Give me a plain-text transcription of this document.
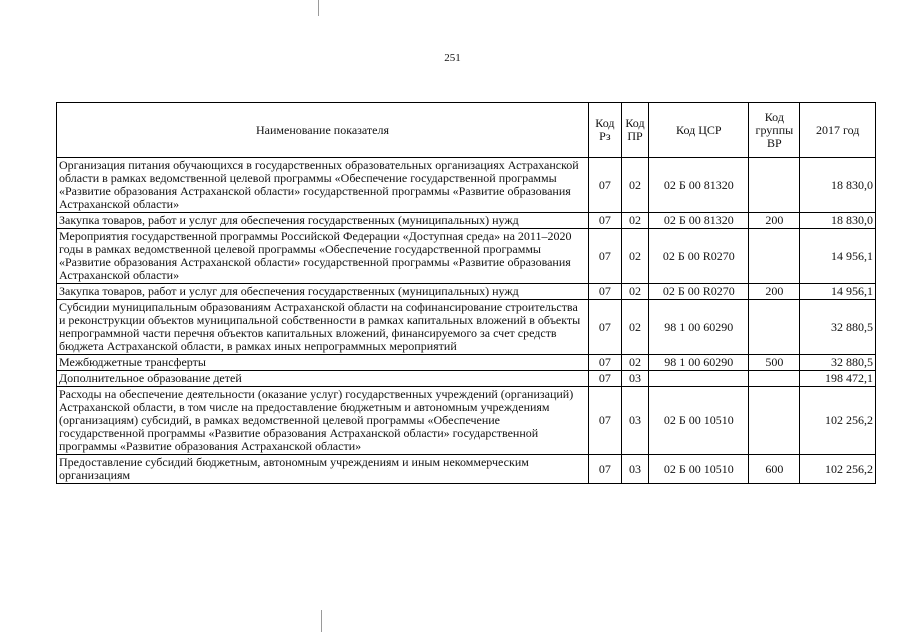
251
Наименование показателя	Код Рз	Код ПР	Код ЦСР	Код группы ВР	2017 год
Организация питания обучающихся в государственных образовательных организациях Астраханской области в рамках ведомственной целевой программы «Обеспечение государственной программы «Развитие образования Астраханской области» государственной программы «Развитие образования Астраханской области»	07	02	02 Б 00 81320		18 830,0
Закупка товаров, работ и услуг для обеспечения государственных (муниципальных) нужд	07	02	02 Б 00 81320	200	18 830,0
Мероприятия государственной программы Российской Федерации «Доступная среда» на 2011–2020 годы в рамках ведомственной целевой программы «Обеспечение государственной программы «Развитие образования Астраханской области» государственной программы «Развитие образования Астраханской области»	07	02	02 Б 00 R0270		14 956,1
Закупка товаров, работ и услуг для обеспечения государственных (муниципальных) нужд	07	02	02 Б 00 R0270	200	14 956,1
Субсидии муниципальным образованиям Астраханской области на софинансирование строительства и реконструкции объектов муниципальной собственности в рамках капитальных вложений в объекты непрограммной части перечня объектов капитальных вложений, финансируемого за счет средств бюджета Астраханской области, в рамках иных непрограммных мероприятий	07	02	98 1 00 60290		32 880,5
Межбюджетные трансферты	07	02	98 1 00 60290	500	32 880,5
Дополнительное образование детей	07	03			198 472,1
Расходы на обеспечение деятельности (оказание услуг) государственных учреждений (организаций) Астраханской области, в том числе на предоставление бюджетным и автономным учреждениям (организациям) субсидий, в рамках ведомственной целевой программы «Обеспечение государственной программы «Развитие образования Астраханской области» государственной программы «Развитие образования Астраханской области»	07	03	02 Б 00 10510		102 256,2
Предоставление субсидий бюджетным, автономным учреждениям и иным некоммерческим организациям	07	03	02 Б 00 10510	600	102 256,2
